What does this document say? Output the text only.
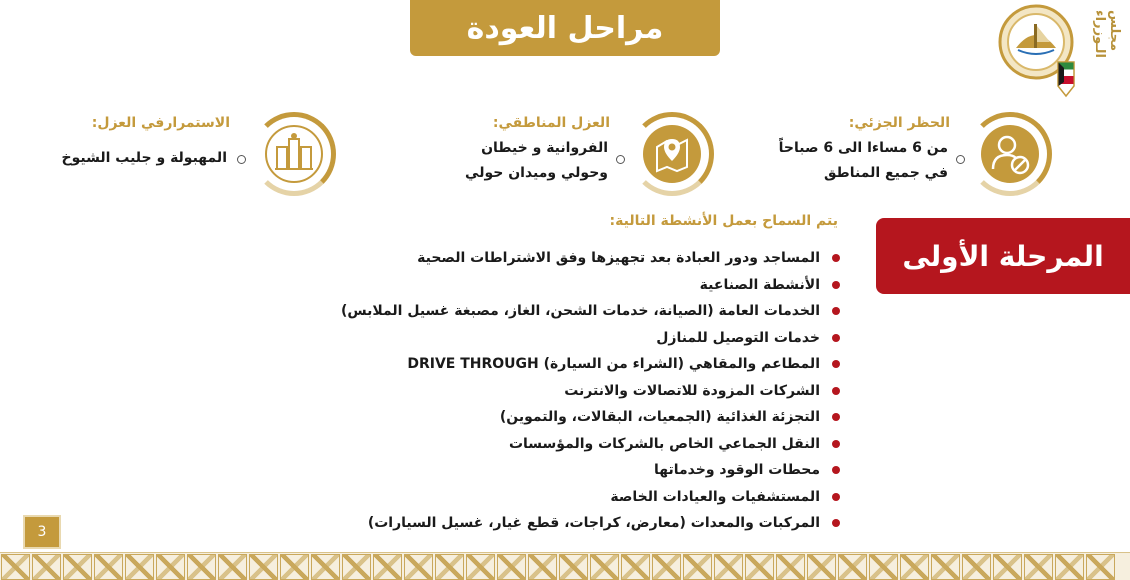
مراحل العودة	مجلس الـوزراء
الحظر الجزئي:
من 6 مساءا الى 6 صباحاً
في جميع المناطق
العزل المناطقي:
الفروانية و خيطان
وحولي وميدان حولي
الاستمرارفي العزل:
المهبولة و جليب الشيوخ
المرحلة الأولى
يتم السماح بعمل الأنشطة التالية:
المساجد ودور العبادة بعد تجهيزها وفق الاشتراطات الصحية
الأنشطة الصناعية
الخدمات العامة (الصيانة، خدمات الشحن، الغاز، مصبغة غسيل الملابس)
خدمات التوصيل للمنازل
المطاعم والمقاهي (الشراء من السيارة) DRIVE THROUGH
الشركات المزودة للاتصالات والانترنت
التجزئة الغذائية (الجمعيات، البقالات، والتموين)
النقل الجماعي الخاص بالشركات والمؤسسات
محطات الوقود وخدماتها
المستشفيات والعيادات الخاصة
المركبات والمعدات (معارض، كراجات، قطع غيار، غسيل السيارات)
3
